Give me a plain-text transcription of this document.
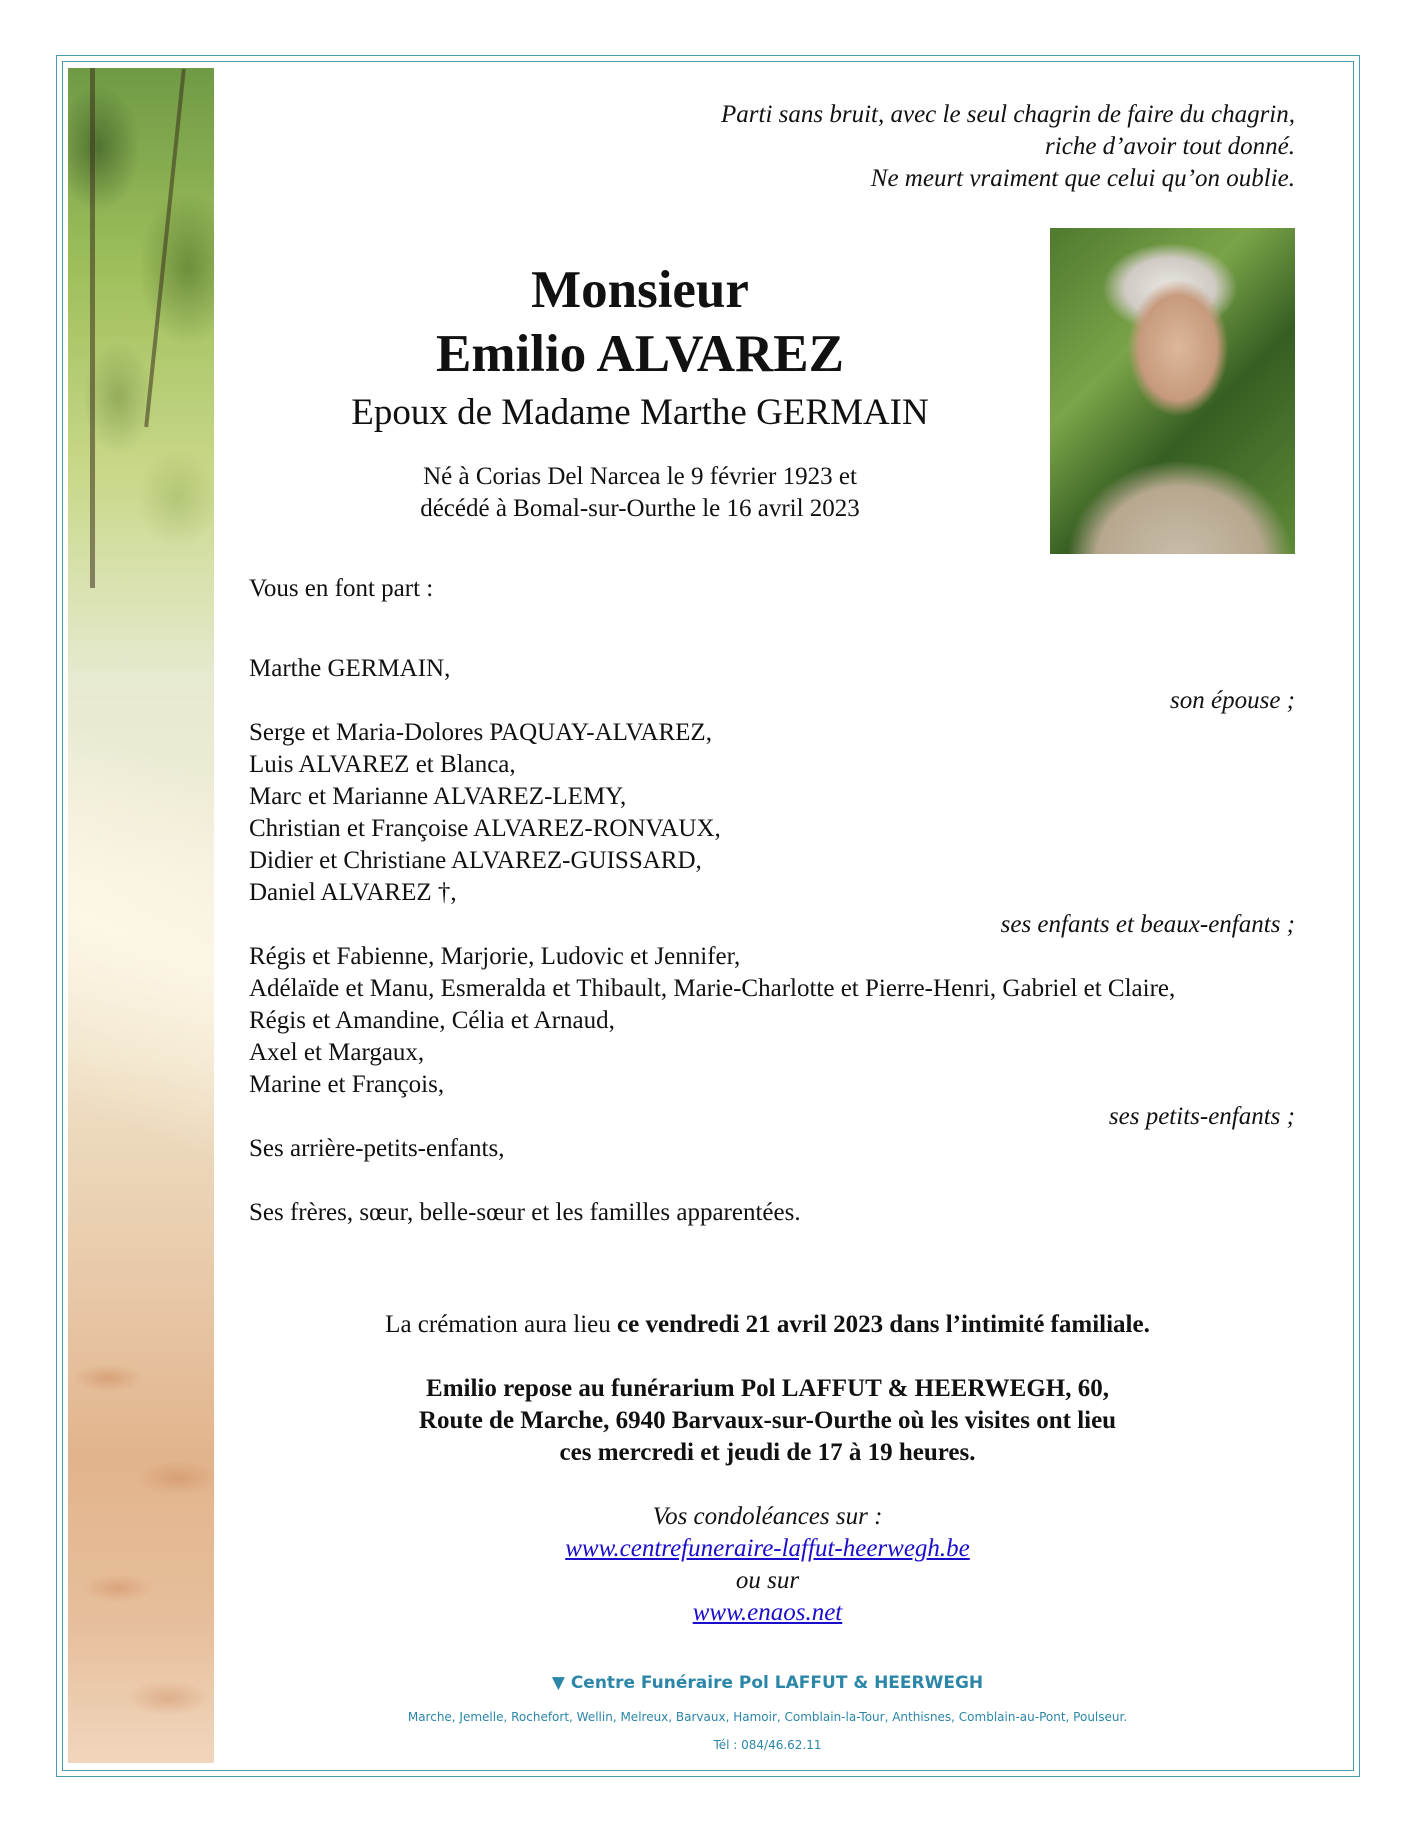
Parti sans bruit, avec le seul chagrin de faire du chagrin,
riche d’avoir tout donné.
Ne meurt vraiment que celui qu’on oublie.
Monsieur
Emilio ALVAREZ
Epoux de Madame Marthe GERMAIN
Né à Corias Del Narcea le 9 février 1923 et
décédé à Bomal-sur-Ourthe le 16 avril 2023
Vous en font part :
Marthe GERMAIN,
son épouse ;
Serge et Maria-Dolores PAQUAY-ALVAREZ,
Luis ALVAREZ et Blanca,
Marc et Marianne ALVAREZ-LEMY,
Christian et Françoise ALVAREZ-RONVAUX,
Didier et Christiane ALVAREZ-GUISSARD,
Daniel ALVAREZ †,
ses enfants et beaux-enfants ;
Régis et Fabienne, Marjorie, Ludovic et Jennifer,
Adélaïde et Manu, Esmeralda et Thibault, Marie-Charlotte et Pierre-Henri, Gabriel et Claire,
Régis et Amandine, Célia et Arnaud,
Axel et Margaux,
Marine et François,
ses petits-enfants ;
Ses arrière-petits-enfants,
Ses frères, sœur, belle-sœur et les familles apparentées.
La crémation aura lieu ce vendredi 21 avril 2023 dans l’intimité familiale.
Emilio repose au funérarium Pol LAFFUT & HEERWEGH, 60,
Route de Marche, 6940 Barvaux-sur-Ourthe où les visites ont lieu
ces mercredi et jeudi de 17 à 19 heures.
Vos condoléances sur :
www.centrefuneraire-laffut-heerwegh.be
ou sur
www.enaos.net
▼ Centre Funéraire Pol LAFFUT & HEERWEGH
Marche, Jemelle, Rochefort, Wellin, Melreux, Barvaux, Hamoir, Comblain-la-Tour, Anthisnes, Comblain-au-Pont, Poulseur.
Tél : 084/46.62.11
